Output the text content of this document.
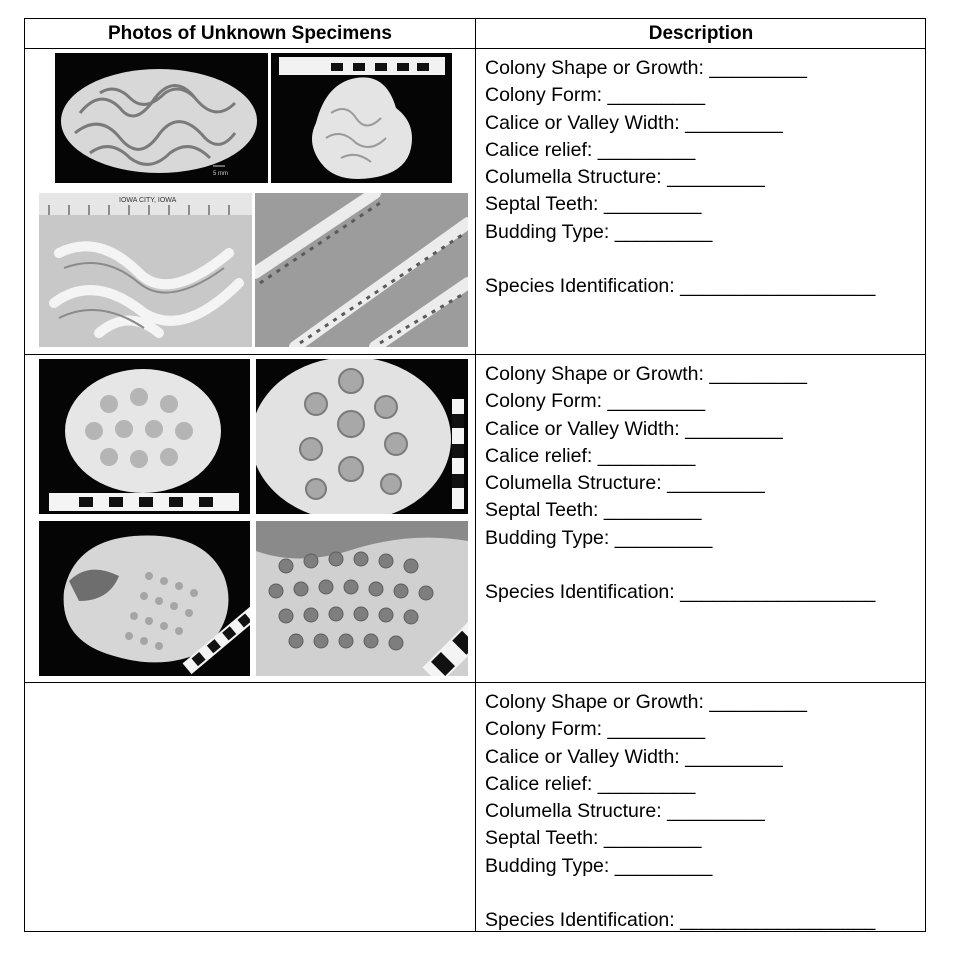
Photos of Unknown Specimens	Description
5 mm
IOWA CITY, IOWA
Colony Shape or Growth: _________
Colony Form: _________
Calice or Valley Width: _________
Calice relief: _________
Columella Structure: _________
Septal Teeth: _________
Budding Type: _________
Species Identification: __________________
Colony Shape or Growth: _________
Colony Form: _________
Calice or Valley Width: _________
Calice relief: _________
Columella Structure: _________
Septal Teeth: _________
Budding Type: _________
Species Identification: __________________
Colony Shape or Growth: _________
Colony Form: _________
Calice or Valley Width: _________
Calice relief: _________
Columella Structure: _________
Septal Teeth: _________
Budding Type: _________
Species Identification: __________________
